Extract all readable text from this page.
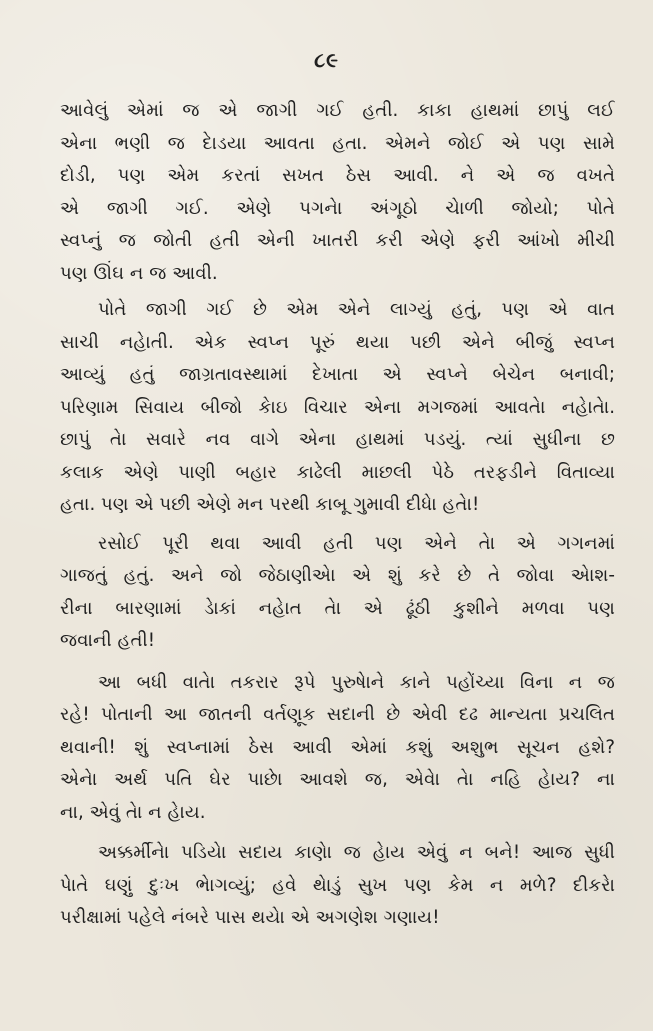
૮૯
આવેલું એમાં જ એ જાગી ગઈ હતી. કાકા હાથમાં છાપું લઈ
એના ભણી જ દેાડયા આવતા હતા. એમને જોઈ એ પણ સામે
દોડી, પણ એમ કરતાં સખત ઠેસ આવી. ને એ જ વખતે
એ જાગી ગઈ. એણે પગનેા અંગૂઠો ચેાળી જોયો; પોતે
સ્વપ્નું જ જોતી હતી એની ખાતરી કરી એણે ફરી આંખો મીચી
પણ ઊંઘ ન જ આવી.
પોતે જાગી ગઈ છે એમ એને લાગ્યું હતું, પણ એ વાત
સાચી નહેાતી. એક સ્વપ્ન પૂરું થયા પછી એને બીજું સ્વપ્ન
આવ્યું હતું જાગ્રતાવસ્થામાં દેખાતા એ સ્વપ્ને બેચેન બનાવી;
પરિણામ સિવાય બીજો કેાઇ વિચાર એના મગજમાં આવતેા નહેાતેા.
છાપું તેા સવારે નવ વાગે એના હાથમાં પડયું. ત્યાં સુધીના છ
કલાક એણે પાણી બહાર કાઢેલી માછલી પેઠે તરફડીને વિતાવ્યા
હતા. પણ એ પછી એણે મન પરથી કાબૂ ગુમાવી દીધેા હતેા!
રસોઈ પૂરી થવા આવી હતી પણ એને તેા એ ગગનમાં
ગાજતું હતું. અને જો જેઠાણીએા એ શું કરે છે તે જોવા એાશ-
રીના બારણામાં ડેાકાં નહેાત તેા એ ઢૂંઠી કુશીને મળવા પણ
જવાની હતી!
આ બધી વાતેા તકરાર રૂપે પુરુષેાને કાને પહોંચ્યા વિના ન જ
રહે! પોતાની આ જાતની વર્તણૂક સદાની છે એવી દઢ માન્યતા પ્રચલિત
થવાની! શું સ્વપ્નામાં ઠેસ આવી એમાં કશું અશુભ સૂચન હશે?
એનેા અર્થ પતિ ઘેર પાછેા આવશે જ, એવેા તેા નહિ હેાય? ના
ના, એવું તેા ન હેાય.
અક્કર્મીનેા પડિયેા સદાય કાણેા જ હેાય એવું ન બને! આજ સુધી
પેાતે ઘણું દુઃખ ભેાગવ્યું; હવે થેાડું સુખ પણ કેમ ન મળે? દીકરેા
પરીક્ષામાં પહેલે નંબરે પાસ થયેા એ અગણેશ ગણાય!
